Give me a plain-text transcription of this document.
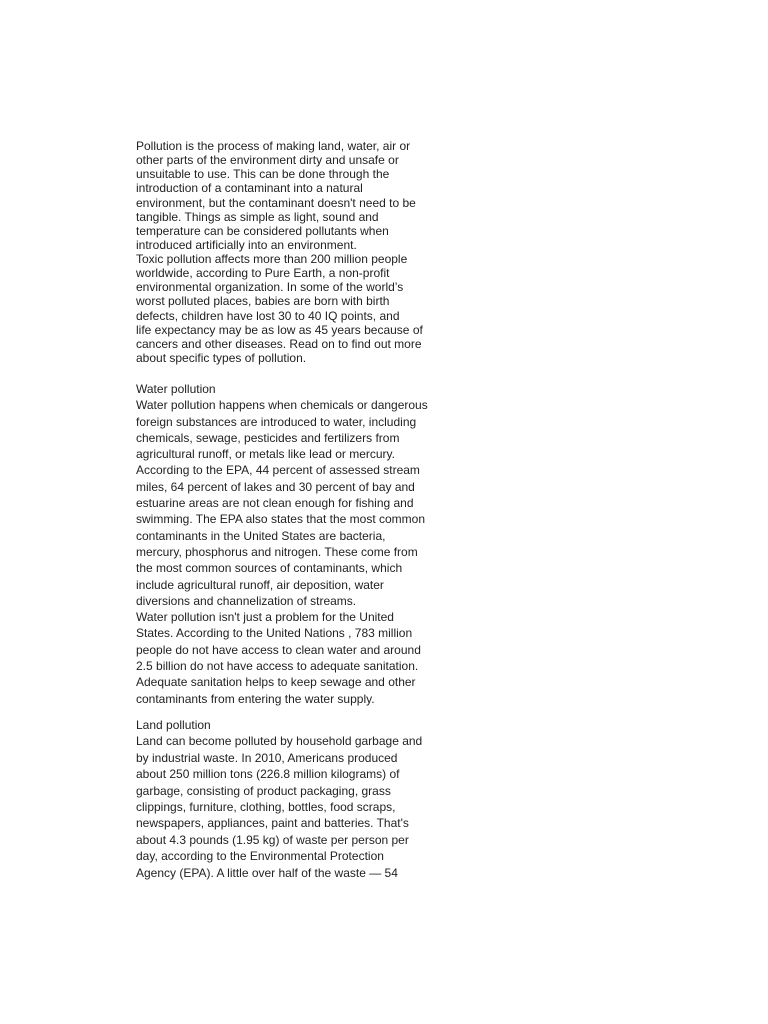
Pollution is the process of making land, water, air or
other parts of the environment dirty and unsafe or
unsuitable to use. This can be done through the
introduction of a contaminant into a natural
environment, but the contaminant doesn't need to be
tangible. Things as simple as light, sound and
temperature can be considered pollutants when
introduced artificially into an environment.
Toxic pollution affects more than 200 million people
worldwide, according to Pure Earth, a non-profit
environmental organization. In some of the world’s
worst polluted places, babies are born with birth
defects, children have lost 30 to 40 IQ points, and
life expectancy may be as low as 45 years because of
cancers and other diseases. Read on to find out more
about specific types of pollution.

Water pollution
Water pollution happens when chemicals or dangerous
foreign substances are introduced to water, including
chemicals, sewage, pesticides and fertilizers from
agricultural runoff, or metals like lead or mercury.
According to the EPA, 44 percent of assessed stream
miles, 64 percent of lakes and 30 percent of bay and
estuarine areas are not clean enough for fishing and
swimming. The EPA also states that the most common
contaminants in the United States are bacteria,
mercury, phosphorus and nitrogen. These come from
the most common sources of contaminants, which
include agricultural runoff, air deposition, water
diversions and channelization of streams.
Water pollution isn't just a problem for the United
States. According to the United Nations , 783 million
people do not have access to clean water and around
2.5 billion do not have access to adequate sanitation.
Adequate sanitation helps to keep sewage and other
contaminants from entering the water supply.

Land pollution
Land can become polluted by household garbage and
by industrial waste. In 2010, Americans produced
about 250 million tons (226.8 million kilograms) of
garbage, consisting of product packaging, grass
clippings, furniture, clothing, bottles, food scraps,
newspapers, appliances, paint and batteries. That's
about 4.3 pounds (1.95 kg) of waste per person per
day, according to the Environmental Protection
Agency (EPA). A little over half of the waste — 54
